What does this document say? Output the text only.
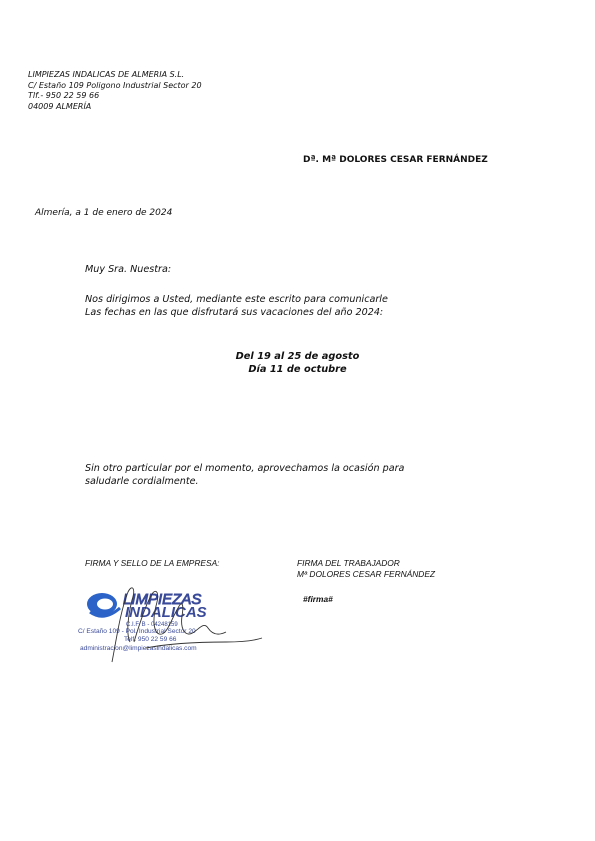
LIMPIEZAS INDALICAS DE ALMERIA S.L.
C/ Estaño 109 Poligono Industrial Sector 20
Tlf.- 950 22 59 66
04009 ALMERÍA
Dª. Mª DOLORES CESAR FERNÁNDEZ
Almería, a 1 de enero de 2024
Muy Sra. Nuestra:
Nos dirigimos a Usted, mediante este escrito para comunicarle
Las fechas en las que disfrutará sus vacaciones del año 2024:
Del 19 al 25 de agosto
Día 11 de octubre
Sin otro particular por el momento, aprovechamos la ocasión para
saludarle cordialmente.
FIRMA Y SELLO DE LA EMPRESA:	FIRMA DEL TRABAJADOR
Mª DOLORES CESAR FERNÁNDEZ
#firma#
LIMPIEZAS
INDALICAS
C.I.F. B - 04248159
C/ Estaño 109 - Pol. Industrial Sector 20
Telf. 950 22 59 66
administracion@limpiezasindalicas.com
